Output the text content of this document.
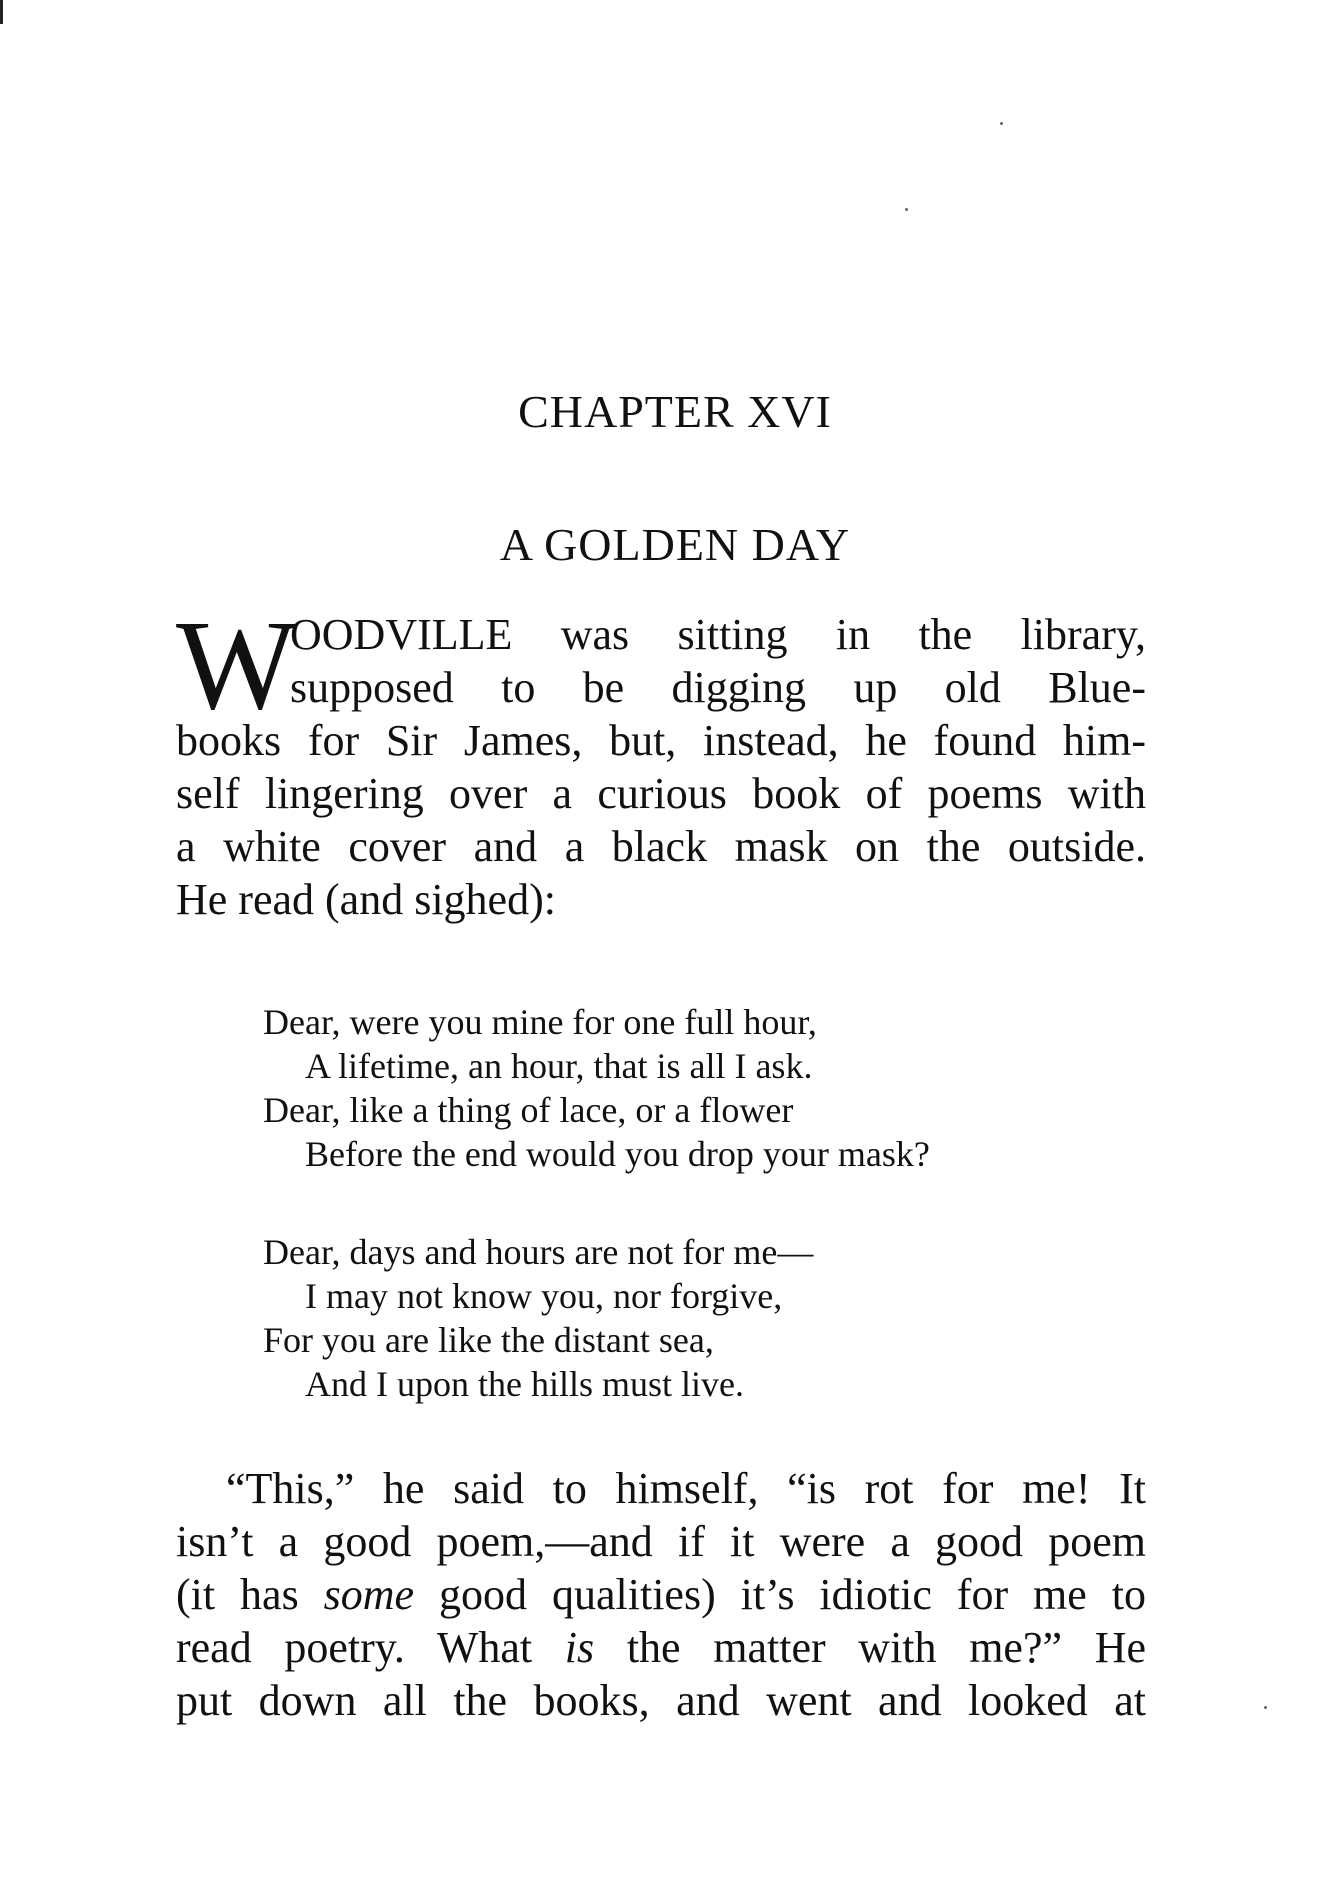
CHAPTER XVI
A GOLDEN DAY
W
OODVILLE was sitting in the library,
supposed to be digging up old Blue-
books for Sir James, but, instead, he found him-
self lingering over a curious book of poems with
a white cover and a black mask on the outside.
He read (and sighed):
Dear, were you mine for one full hour,
A lifetime, an hour, that is all I ask.
Dear, like a thing of lace, or a flower
Before the end would you drop your mask?
Dear, days and hours are not for me—
I may not know you, nor forgive,
For you are like the distant sea,
And I upon the hills must live.
“This,” he said to himself, “is rot for me! It
isn’t a good poem,—and if it were a good poem
(it has some good qualities) it’s idiotic for me to
read poetry. What is the matter with me?” He
put down all the books, and went and looked at
